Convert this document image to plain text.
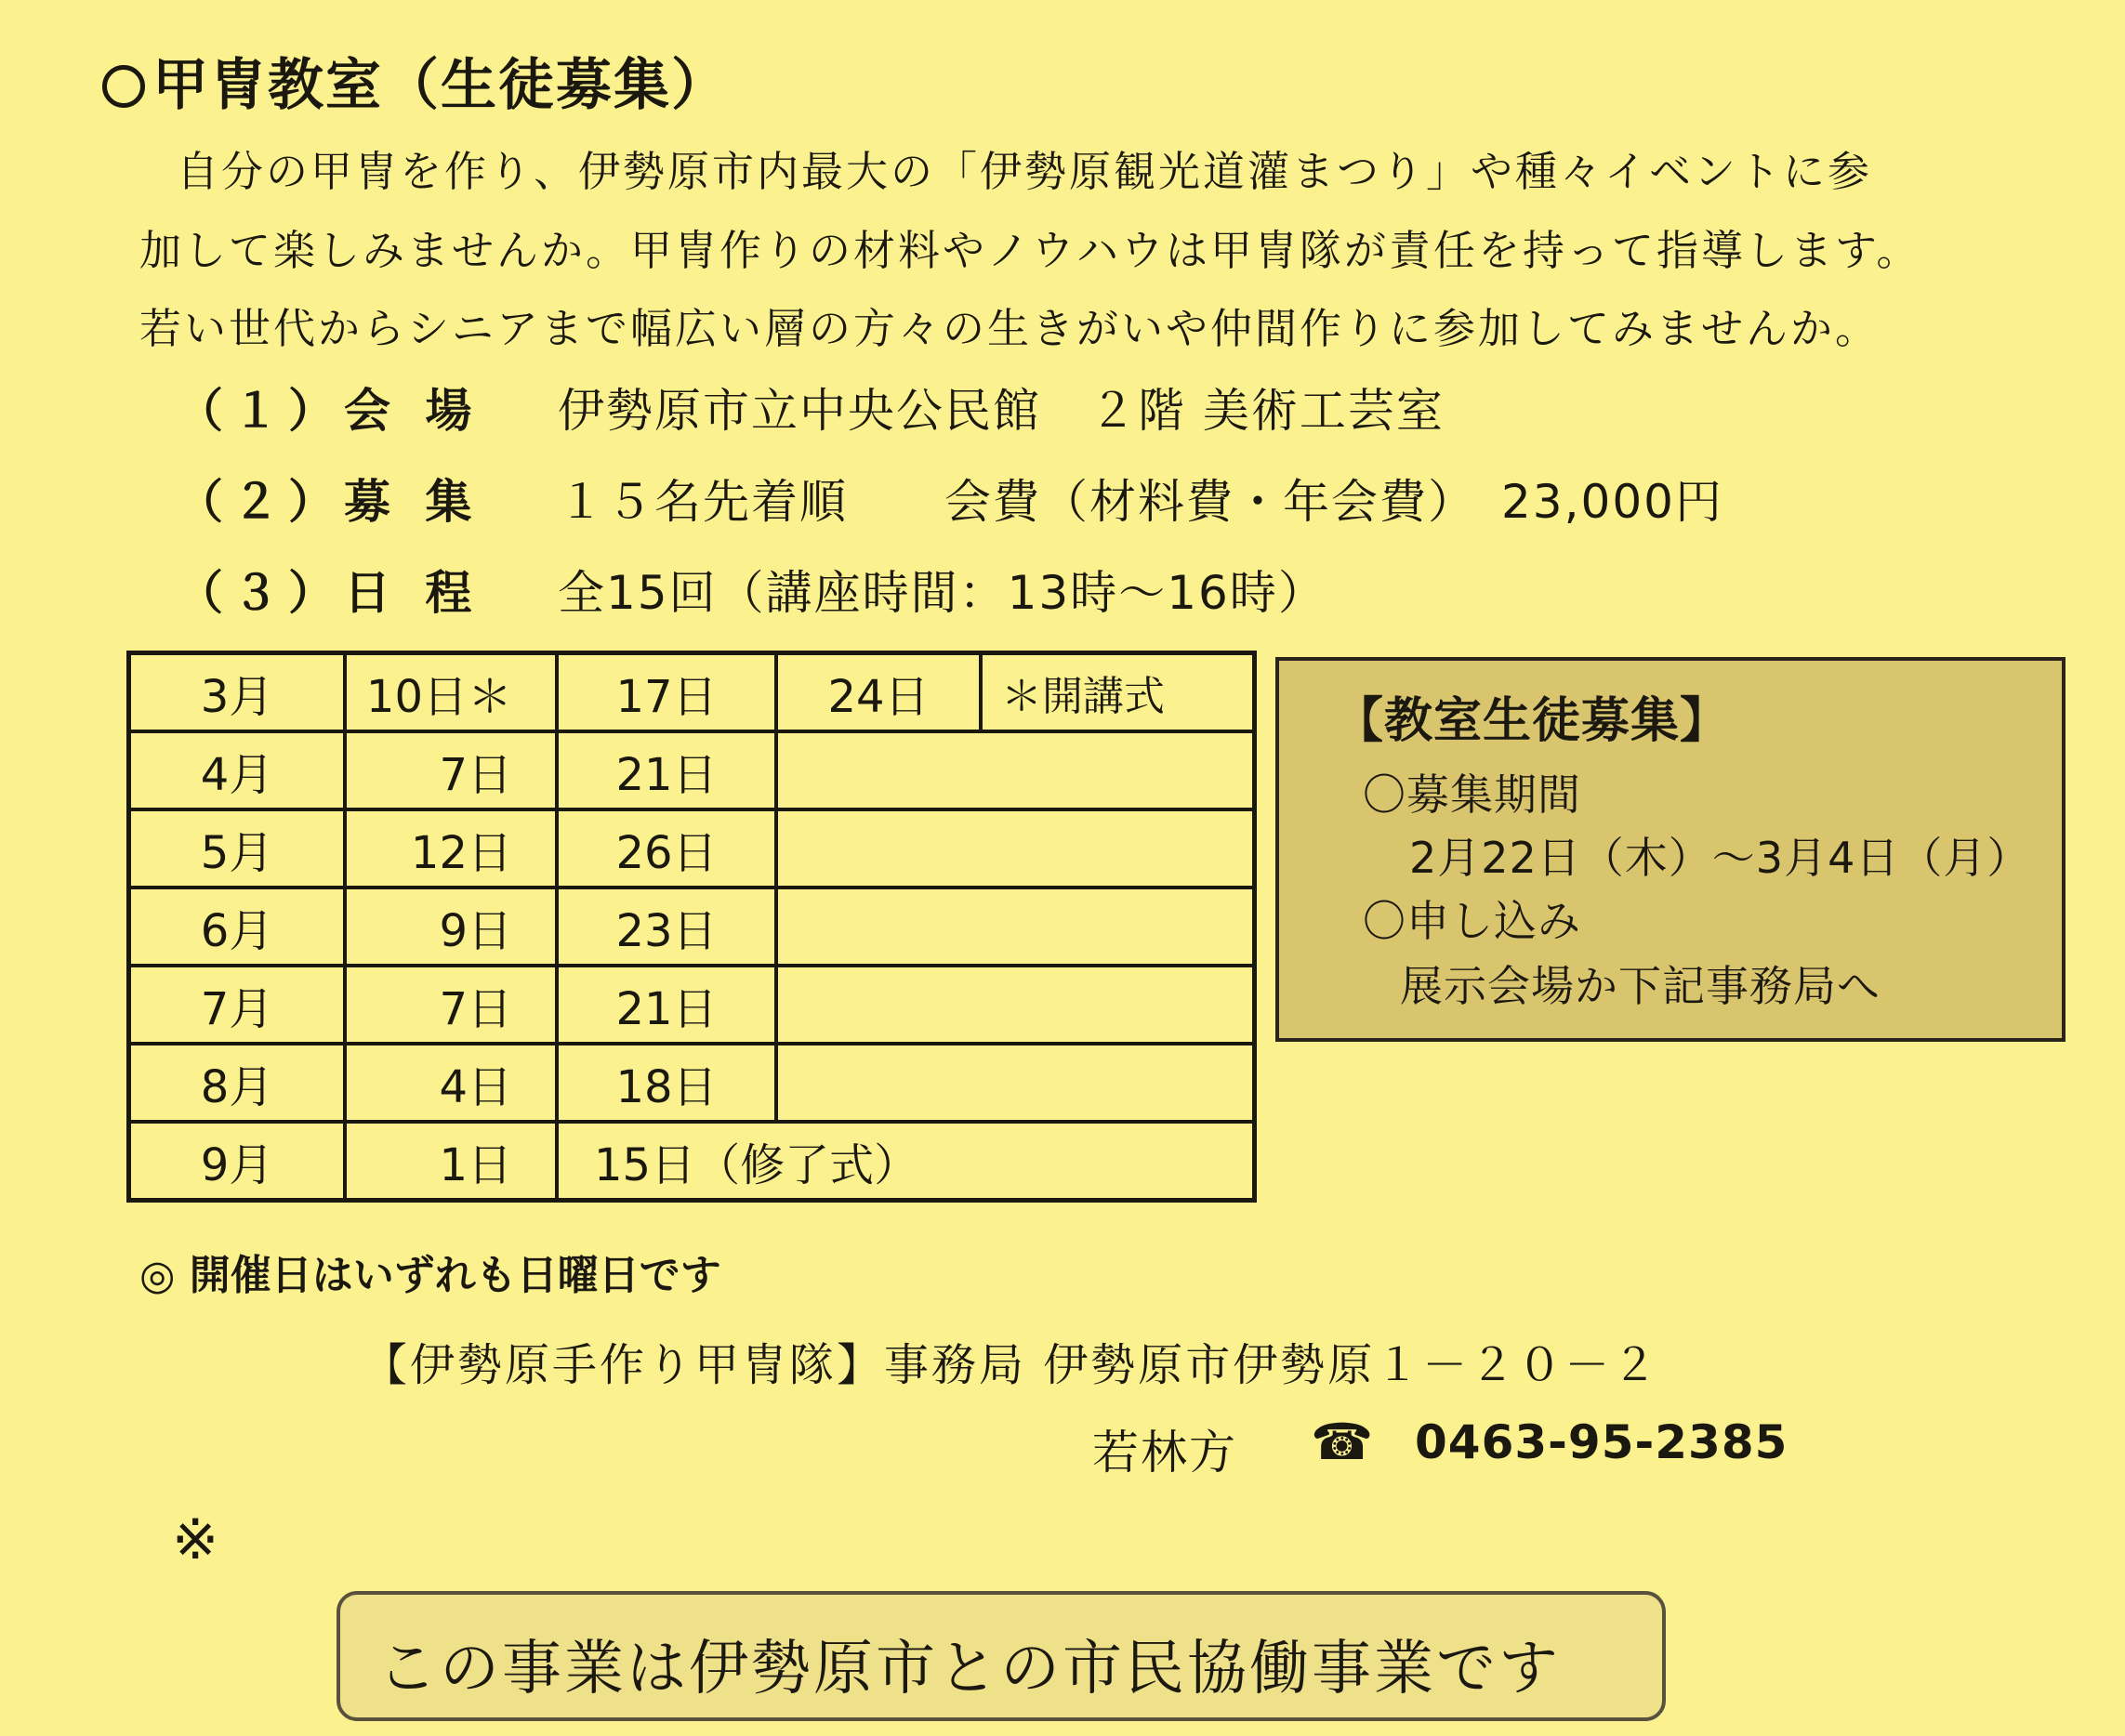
甲冑教室（生徒募集）
自分の甲冑を作り、伊勢原市内最大の「伊勢原観光道灌まつり」や種々イベントに参
加して楽しみませんか。甲冑作りの材料やノウハウは甲冑隊が責任を持って指導します。
若い世代からシニアまで幅広い層の方々の生きがいや仲間作りに参加してみませんか。
（１）会 場 伊勢原市立中央公民館　２階 美術工芸室
（２）募 集 １５名先着順　　会費（材料費・年会費）　23,000円
（３）日 程 全15回（講座時間：13時～16時）
3月	10日＊	17日	24日	＊開講式
4月	7日	21日		
5月	12日	26日		
6月	9日	23日		
7月	7日	21日		
8月	4日	18日		
9月	1日	15日（修了式）		
【教室生徒募集】
〇募集期間
2月22日（木）～3月4日（月）
〇申し込み
展示会場か下記事務局へ
◎ 開催日はいずれも日曜日です
【伊勢原手作り甲冑隊】事務局 伊勢原市伊勢原１－２０－２
若林方 ☎ 0463-95-2385
※
この事業は伊勢原市との市民協働事業です
